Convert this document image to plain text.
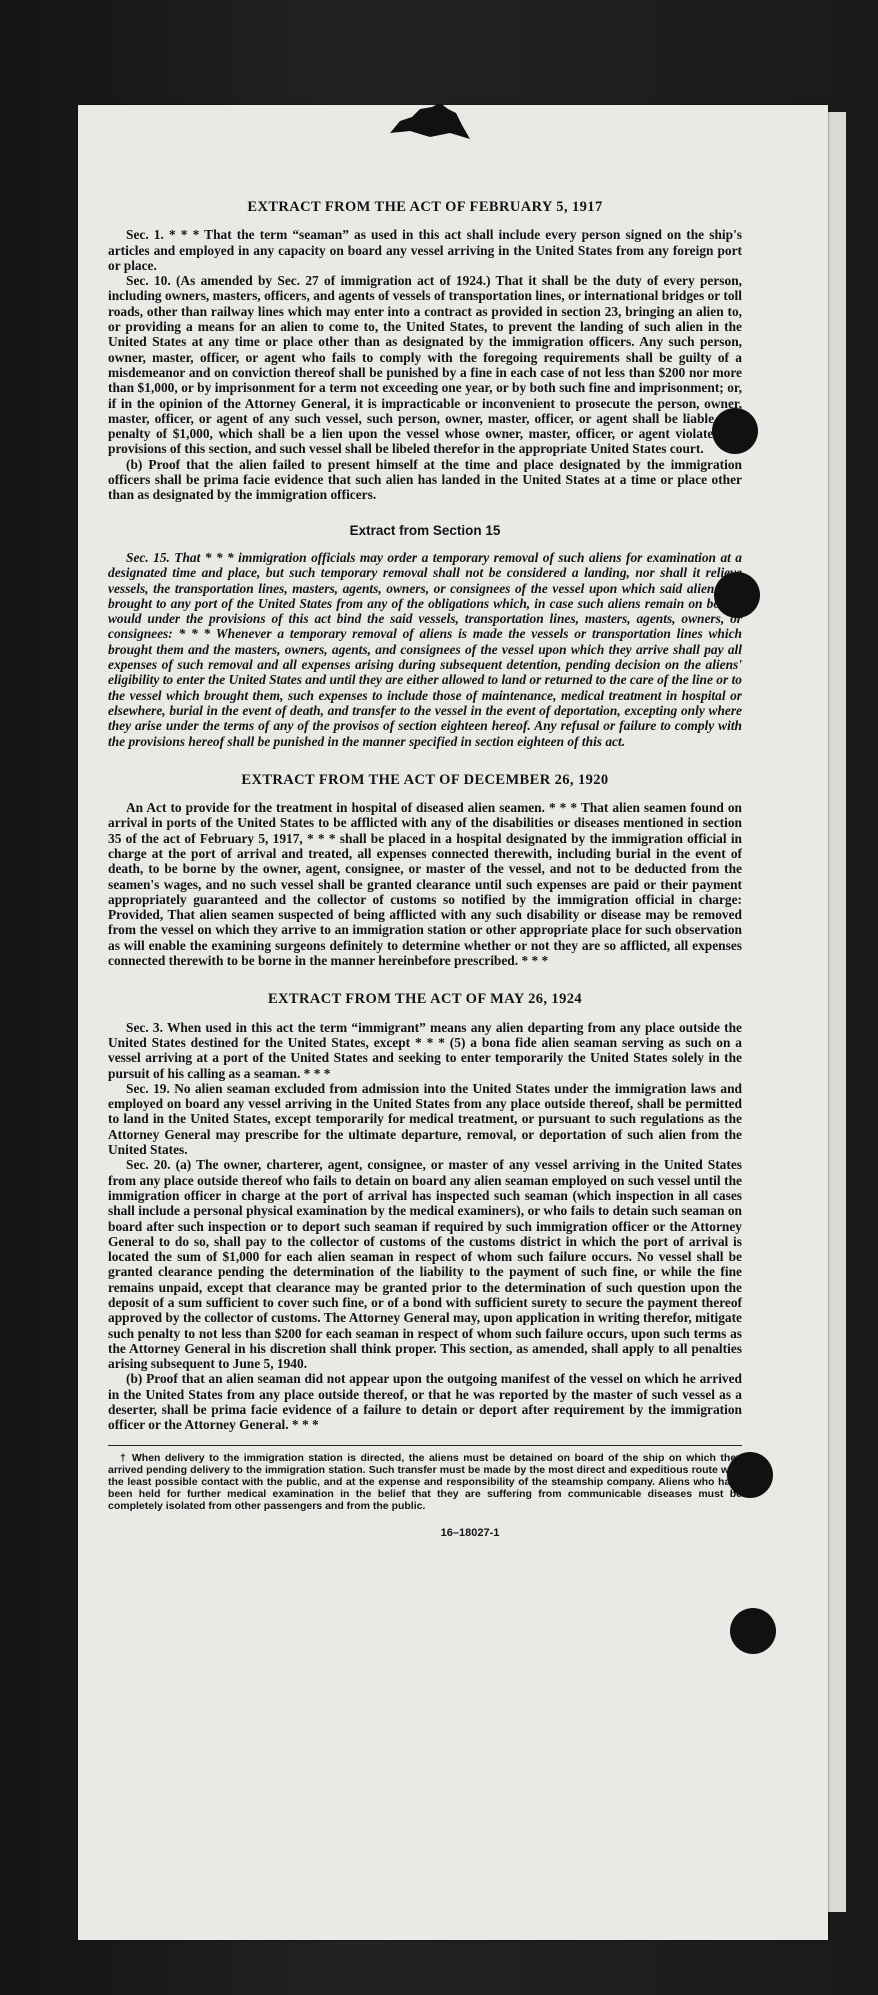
EXTRACT FROM THE ACT OF FEBRUARY 5, 1917

Sec. 1. * * * That the term “seaman” as used in this act shall include every person signed on the ship's articles and employed in any capacity on board any vessel arriving in the United States from any foreign port or place.

Sec. 10. (As amended by Sec. 27 of immigration act of 1924.) That it shall be the duty of every person, including owners, masters, officers, and agents of vessels of transportation lines, or international bridges or toll roads, other than railway lines which may enter into a contract as provided in section 23, bringing an alien to, or providing a means for an alien to come to, the United States, to prevent the landing of such alien in the United States at any time or place other than as designated by the immigration officers. Any such person, owner, master, officer, or agent who fails to comply with the foregoing requirements shall be guilty of a misdemeanor and on conviction thereof shall be punished by a fine in each case of not less than $200 nor more than $1,000, or by imprisonment for a term not exceeding one year, or by both such fine and imprisonment; or, if in the opinion of the Attorney General, it is impracticable or inconvenient to prosecute the person, owner, master, officer, or agent of any such vessel, such person, owner, master, officer, or agent shall be liable to a penalty of $1,000, which shall be a lien upon the vessel whose owner, master, officer, or agent violates the provisions of this section, and such vessel shall be libeled therefor in the appropriate United States court.

(b) Proof that the alien failed to present himself at the time and place designated by the immigration officers shall be prima facie evidence that such alien has landed in the United States at a time or place other than as designated by the immigration officers.

Extract from Section 15

Sec. 15. That * * * immigration officials may order a temporary removal of such aliens for examination at a designated time and place, but such temporary removal shall not be considered a landing, nor shall it relieve vessels, the transportation lines, masters, agents, owners, or consignees of the vessel upon which said aliens are brought to any port of the United States from any of the obligations which, in case such aliens remain on board, would under the provisions of this act bind the said vessels, transportation lines, masters, agents, owners, or consignees: * * * Whenever a temporary removal of aliens is made the vessels or transportation lines which brought them and the masters, owners, agents, and consignees of the vessel upon which they arrive shall pay all expenses of such removal and all expenses arising during subsequent detention, pending decision on the aliens' eligibility to enter the United States and until they are either allowed to land or returned to the care of the line or to the vessel which brought them, such expenses to include those of maintenance, medical treatment in hospital or elsewhere, burial in the event of death, and transfer to the vessel in the event of deportation, excepting only where they arise under the terms of any of the provisos of section eighteen hereof. Any refusal or failure to comply with the provisions hereof shall be punished in the manner specified in section eighteen of this act.

EXTRACT FROM THE ACT OF DECEMBER 26, 1920

An Act to provide for the treatment in hospital of diseased alien seamen. * * * That alien seamen found on arrival in ports of the United States to be afflicted with any of the disabilities or diseases mentioned in section 35 of the act of February 5, 1917, * * * shall be placed in a hospital designated by the immigration official in charge at the port of arrival and treated, all expenses connected therewith, including burial in the event of death, to be borne by the owner, agent, consignee, or master of the vessel, and not to be deducted from the seamen's wages, and no such vessel shall be granted clearance until such expenses are paid or their payment appropriately guaranteed and the collector of customs so notified by the immigration official in charge: Provided, That alien seamen suspected of being afflicted with any such disability or disease may be removed from the vessel on which they arrive to an immigration station or other appropriate place for such observation as will enable the examining surgeons definitely to determine whether or not they are so afflicted, all expenses connected therewith to be borne in the manner hereinbefore prescribed. * * *

EXTRACT FROM THE ACT OF MAY 26, 1924

Sec. 3. When used in this act the term “immigrant” means any alien departing from any place outside the United States destined for the United States, except * * * (5) a bona fide alien seaman serving as such on a vessel arriving at a port of the United States and seeking to enter temporarily the United States solely in the pursuit of his calling as a seaman. * * *

Sec. 19. No alien seaman excluded from admission into the United States under the immigration laws and employed on board any vessel arriving in the United States from any place outside thereof, shall be permitted to land in the United States, except temporarily for medical treatment, or pursuant to such regulations as the Attorney General may prescribe for the ultimate departure, removal, or deportation of such alien from the United States.

Sec. 20. (a) The owner, charterer, agent, consignee, or master of any vessel arriving in the United States from any place outside thereof who fails to detain on board any alien seaman employed on such vessel until the immigration officer in charge at the port of arrival has inspected such seaman (which inspection in all cases shall include a personal physical examination by the medical examiners), or who fails to detain such seaman on board after such inspection or to deport such seaman if required by such immigration officer or the Attorney General to do so, shall pay to the collector of customs of the customs district in which the port of arrival is located the sum of $1,000 for each alien seaman in respect of whom such failure occurs. No vessel shall be granted clearance pending the determination of the liability to the payment of such fine, or while the fine remains unpaid, except that clearance may be granted prior to the determination of such question upon the deposit of a sum sufficient to cover such fine, or of a bond with sufficient surety to secure the payment thereof approved by the collector of customs. The Attorney General may, upon application in writing therefor, mitigate such penalty to not less than $200 for each seaman in respect of whom such failure occurs, upon such terms as the Attorney General in his discretion shall think proper. This section, as amended, shall apply to all penalties arising subsequent to June 5, 1940.

(b) Proof that an alien seaman did not appear upon the outgoing manifest of the vessel on which he arrived in the United States from any place outside thereof, or that he was reported by the master of such vessel as a deserter, shall be prima facie evidence of a failure to detain or deport after requirement by the immigration officer or the Attorney General. * * *

† When delivery to the immigration station is directed, the aliens must be detained on board of the ship on which they arrived pending delivery to the immigration station. Such transfer must be made by the most direct and expeditious route with the least possible contact with the public, and at the expense and responsibility of the steamship company. Aliens who have been held for further medical examination in the belief that they are suffering from communicable diseases must be completely isolated from other passengers and from the public.

16–18027-1
